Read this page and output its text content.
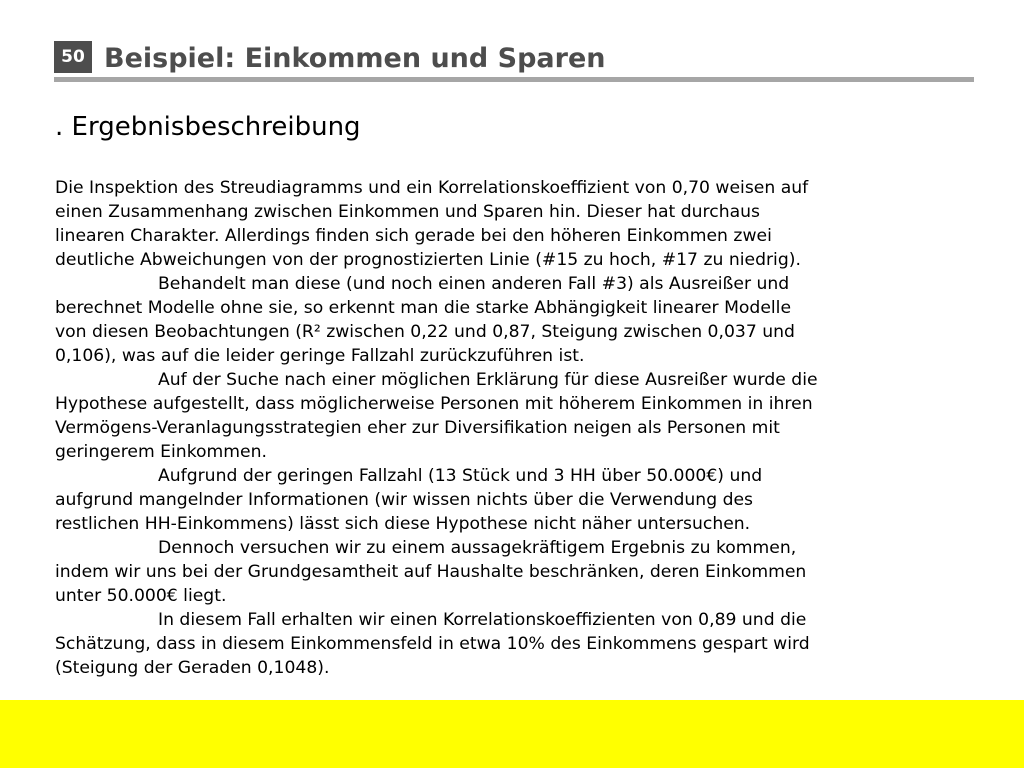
50 Beispiel: Einkommen und Sparen
. Ergebnisbeschreibung

Die Inspektion des Streudiagramms und ein Korrelationskoeffizient von 0,70 weisen auf
einen Zusammenhang zwischen Einkommen und Sparen hin. Dieser hat durchaus
linearen Charakter. Allerdings finden sich gerade bei den höheren Einkommen zwei
deutliche Abweichungen von der prognostizierten Linie (#15 zu hoch, #17 zu niedrig).

Behandelt man diese (und noch einen anderen Fall #3) als Ausreißer und
berechnet Modelle ohne sie, so erkennt man die starke Abhängigkeit linearer Modelle
von diesen Beobachtungen (R² zwischen 0,22 und 0,87, Steigung zwischen 0,037 und
0,106), was auf die leider geringe Fallzahl zurückzuführen ist.

Auf der Suche nach einer möglichen Erklärung für diese Ausreißer wurde die
Hypothese aufgestellt, dass möglicherweise Personen mit höherem Einkommen in ihren
Vermögens-Veranlagungsstrategien eher zur Diversifikation neigen als Personen mit
geringerem Einkommen.

Aufgrund der geringen Fallzahl (13 Stück und 3 HH über 50.000€) und
aufgrund mangelnder Informationen (wir wissen nichts über die Verwendung des
restlichen HH-Einkommens) lässt sich diese Hypothese nicht näher untersuchen.

Dennoch versuchen wir zu einem aussagekräftigem Ergebnis zu kommen,
indem wir uns bei der Grundgesamtheit auf Haushalte beschränken, deren Einkommen
unter 50.000€ liegt.

In diesem Fall erhalten wir einen Korrelationskoeffizienten von 0,89 und die
Schätzung, dass in diesem Einkommensfeld in etwa 10% des Einkommens gespart wird
(Steigung der Geraden 0,1048).
